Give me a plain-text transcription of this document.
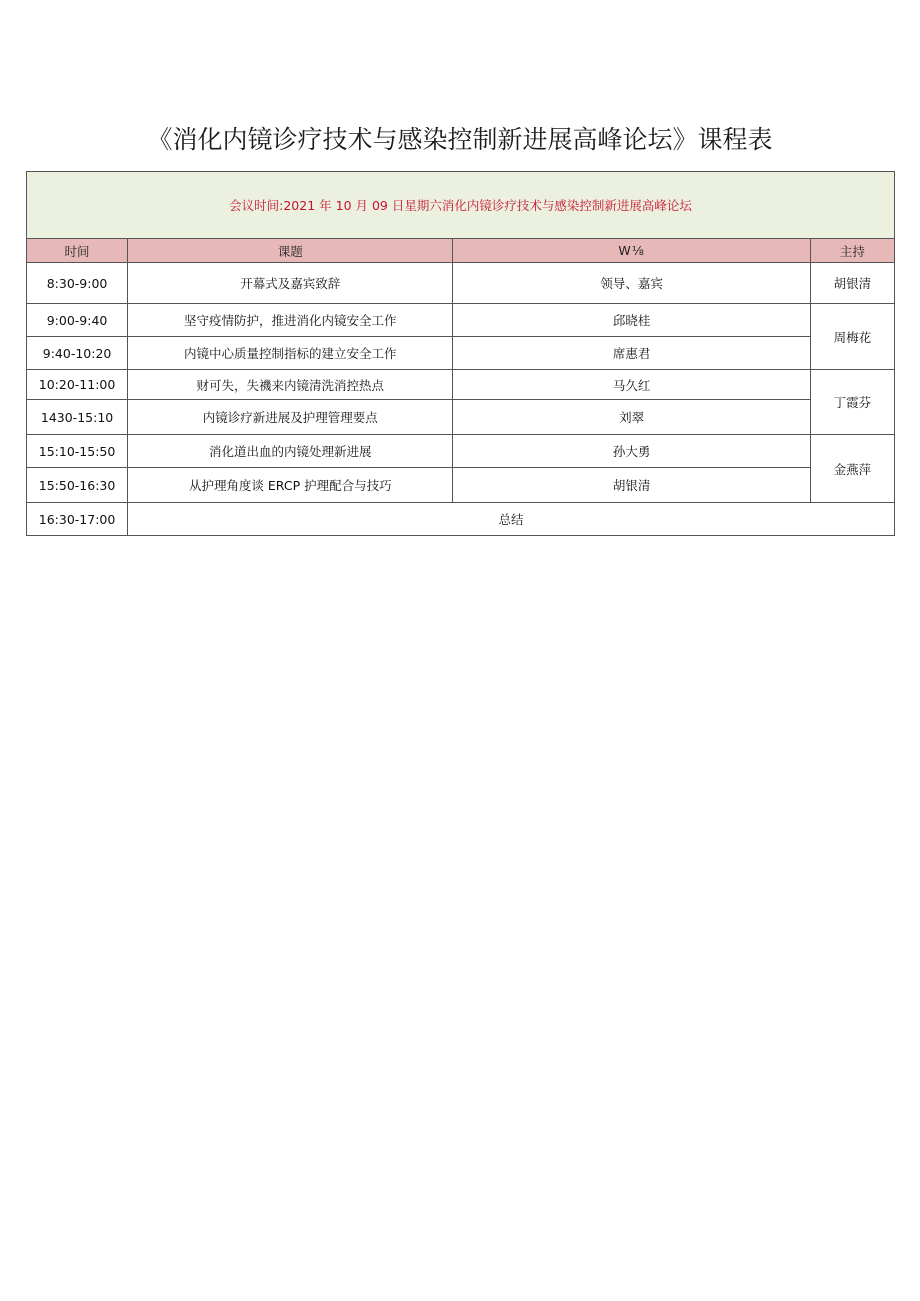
《消化内镜诊疗技术与感染控制新进展高峰论坛》课程表
会议时间:2021 年 10 月 09 日星期六消化内镜诊疗技术与感染控制新进展高峰论坛			
时间	课题	W⅛	主持
8:30-9:00	开幕式及嘉宾致辞	领导、嘉宾	胡银清
9:00-9:40	坚守疫情防护，推进消化内镜安全工作	邱晓桂	周梅花
9:40-10:20	内镜中心质量控制指标的建立安全工作	席惠君	
10:20-11:00	财可失，失禨来内镜清洗消控热点	马久红	丁霞芬
1430-15:10	内镜诊疗新进展及护理管理要点	刘翠	
15:10-15:50	消化道出血的内镜处理新进展	孙大勇	金燕萍
15:50-16:30	从护理角度谈 ERCP 护理配合与技巧	胡银清	
16:30-17:00	总结		
